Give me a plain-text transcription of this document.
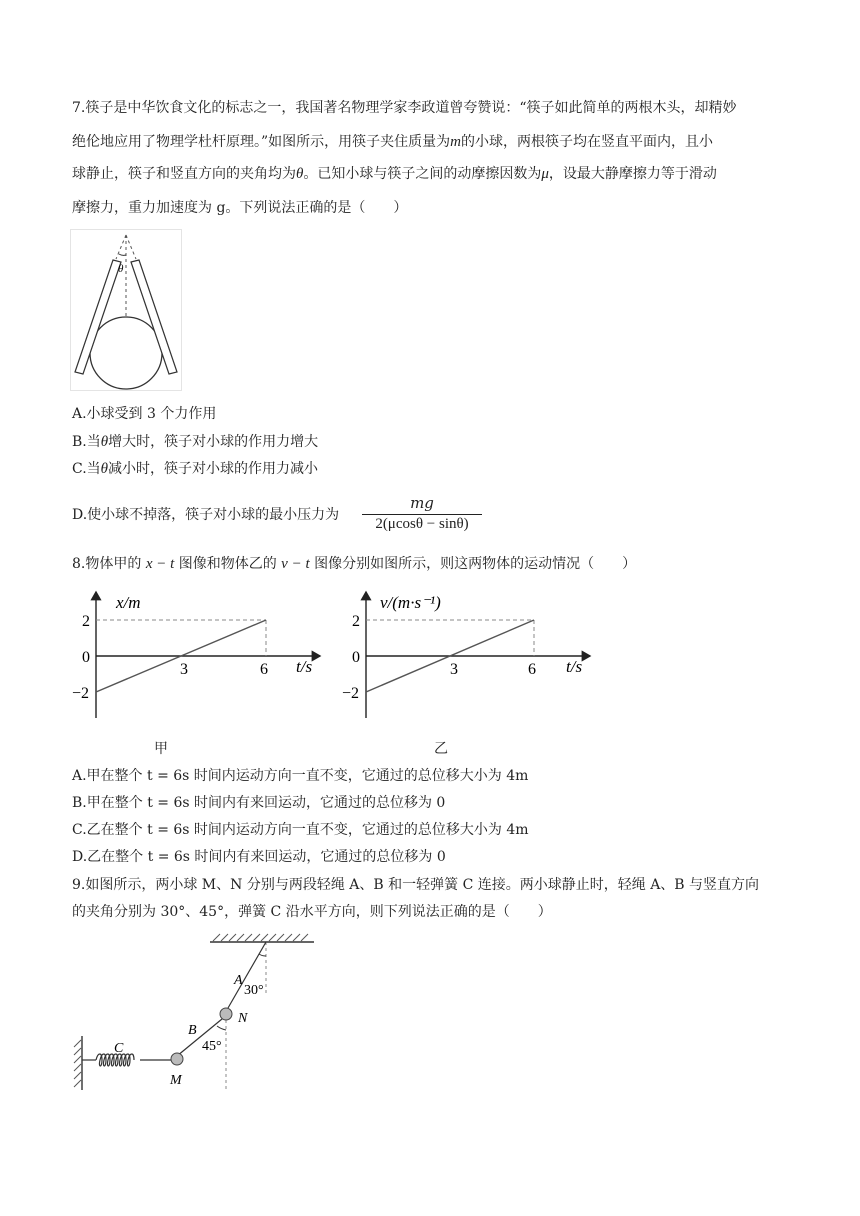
7.筷子是中华饮食文化的标志之一，我国著名物理学家李政道曾夸赞说：“筷子如此简单的两根木头，却精妙
绝伦地应用了物理学杜杆原理。”如图所示，用筷子夹住质量为m的小球，两根筷子均在竖直平面内，且小
球静止，筷子和竖直方向的夹角均为θ。已知小球与筷子之间的动摩擦因数为μ，设最大静摩擦力等于滑动
摩擦力，重力加速度为 g。下列说法正确的是（　　）
θ
A.小球受到 3 个力作用
B.当θ增大时，筷子对小球的作用力增大
C.当θ减小时，筷子对小球的作用力减小
D.使小球不掉落，筷子对小球的最小压力为
mg
2(μcosθ − sinθ)
8.物体甲的 x − t 图像和物体乙的 v − t 图像分别如图所示，则这两物体的运动情况（　　）
x/m
t/s
2
0
−2
3	6
甲
v/(m·s⁻¹)
t/s
2
0
−2
3	6
乙
A.甲在整个 t = 6s 时间内运动方向一直不变，它通过的总位移大小为 4m
B.甲在整个 t = 6s 时间内有来回运动，它通过的总位移为 0
C.乙在整个 t = 6s 时间内运动方向一直不变，它通过的总位移大小为 4m
D.乙在整个 t = 6s 时间内有来回运动，它通过的总位移为 0
9.如图所示，两小球 M、N 分别与两段轻绳 A、B 和一轻弹簧 C 连接。两小球静止时，轻绳 A、B 与竖直方向
的夹角分别为 30°、45°，弹簧 C 沿水平方向，则下列说法正确的是（　　）
A
30°
N
B
45°
C
M
